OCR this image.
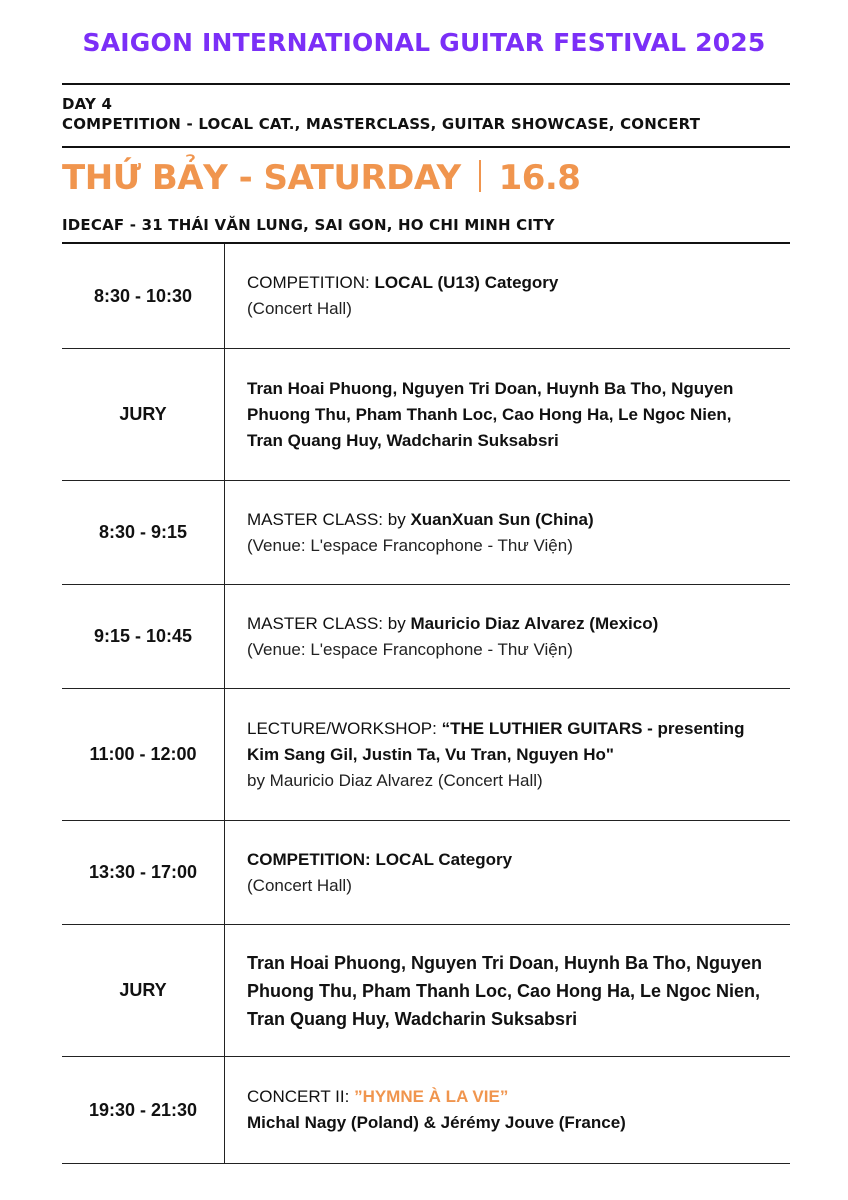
SAIGON INTERNATIONAL GUITAR FESTIVAL 2025
DAY 4
COMPETITION - LOCAL CAT., MASTERCLASS, GUITAR SHOWCASE, CONCERT
THỨ BẢY - SATURDAY 16.8
IDECAF - 31 THÁI VĂN LUNG, SAI GON, HO CHI MINH CITY
8:30 - 10:30
COMPETITION: LOCAL (U13) Category
(Concert Hall)
JURY
Tran Hoai Phuong, Nguyen Tri Doan, Huynh Ba Tho, Nguyen Phuong Thu, Pham Thanh Loc, Cao Hong Ha, Le Ngoc Nien, Tran Quang Huy, Wadcharin Suksabsri
8:30 - 9:15
MASTER CLASS: by XuanXuan Sun (China)
(Venue: L'espace Francophone - Thư Viện)
9:15 - 10:45
MASTER CLASS: by Mauricio Diaz Alvarez (Mexico)
(Venue: L'espace Francophone - Thư Viện)
11:00 - 12:00
LECTURE/WORKSHOP: “THE LUTHIER GUITARS - presenting Kim Sang Gil, Justin Ta, Vu Tran, Nguyen Ho"
by Mauricio Diaz Alvarez (Concert Hall)
13:30 - 17:00
COMPETITION: LOCAL Category
(Concert Hall)
JURY
Tran Hoai Phuong, Nguyen Tri Doan, Huynh Ba Tho, Nguyen Phuong Thu, Pham Thanh Loc, Cao Hong Ha, Le Ngoc Nien, Tran Quang Huy, Wadcharin Suksabsri
19:30 - 21:30
CONCERT II: ”HYMNE À LA VIE”
Michal Nagy (Poland) & Jérémy Jouve (France)
